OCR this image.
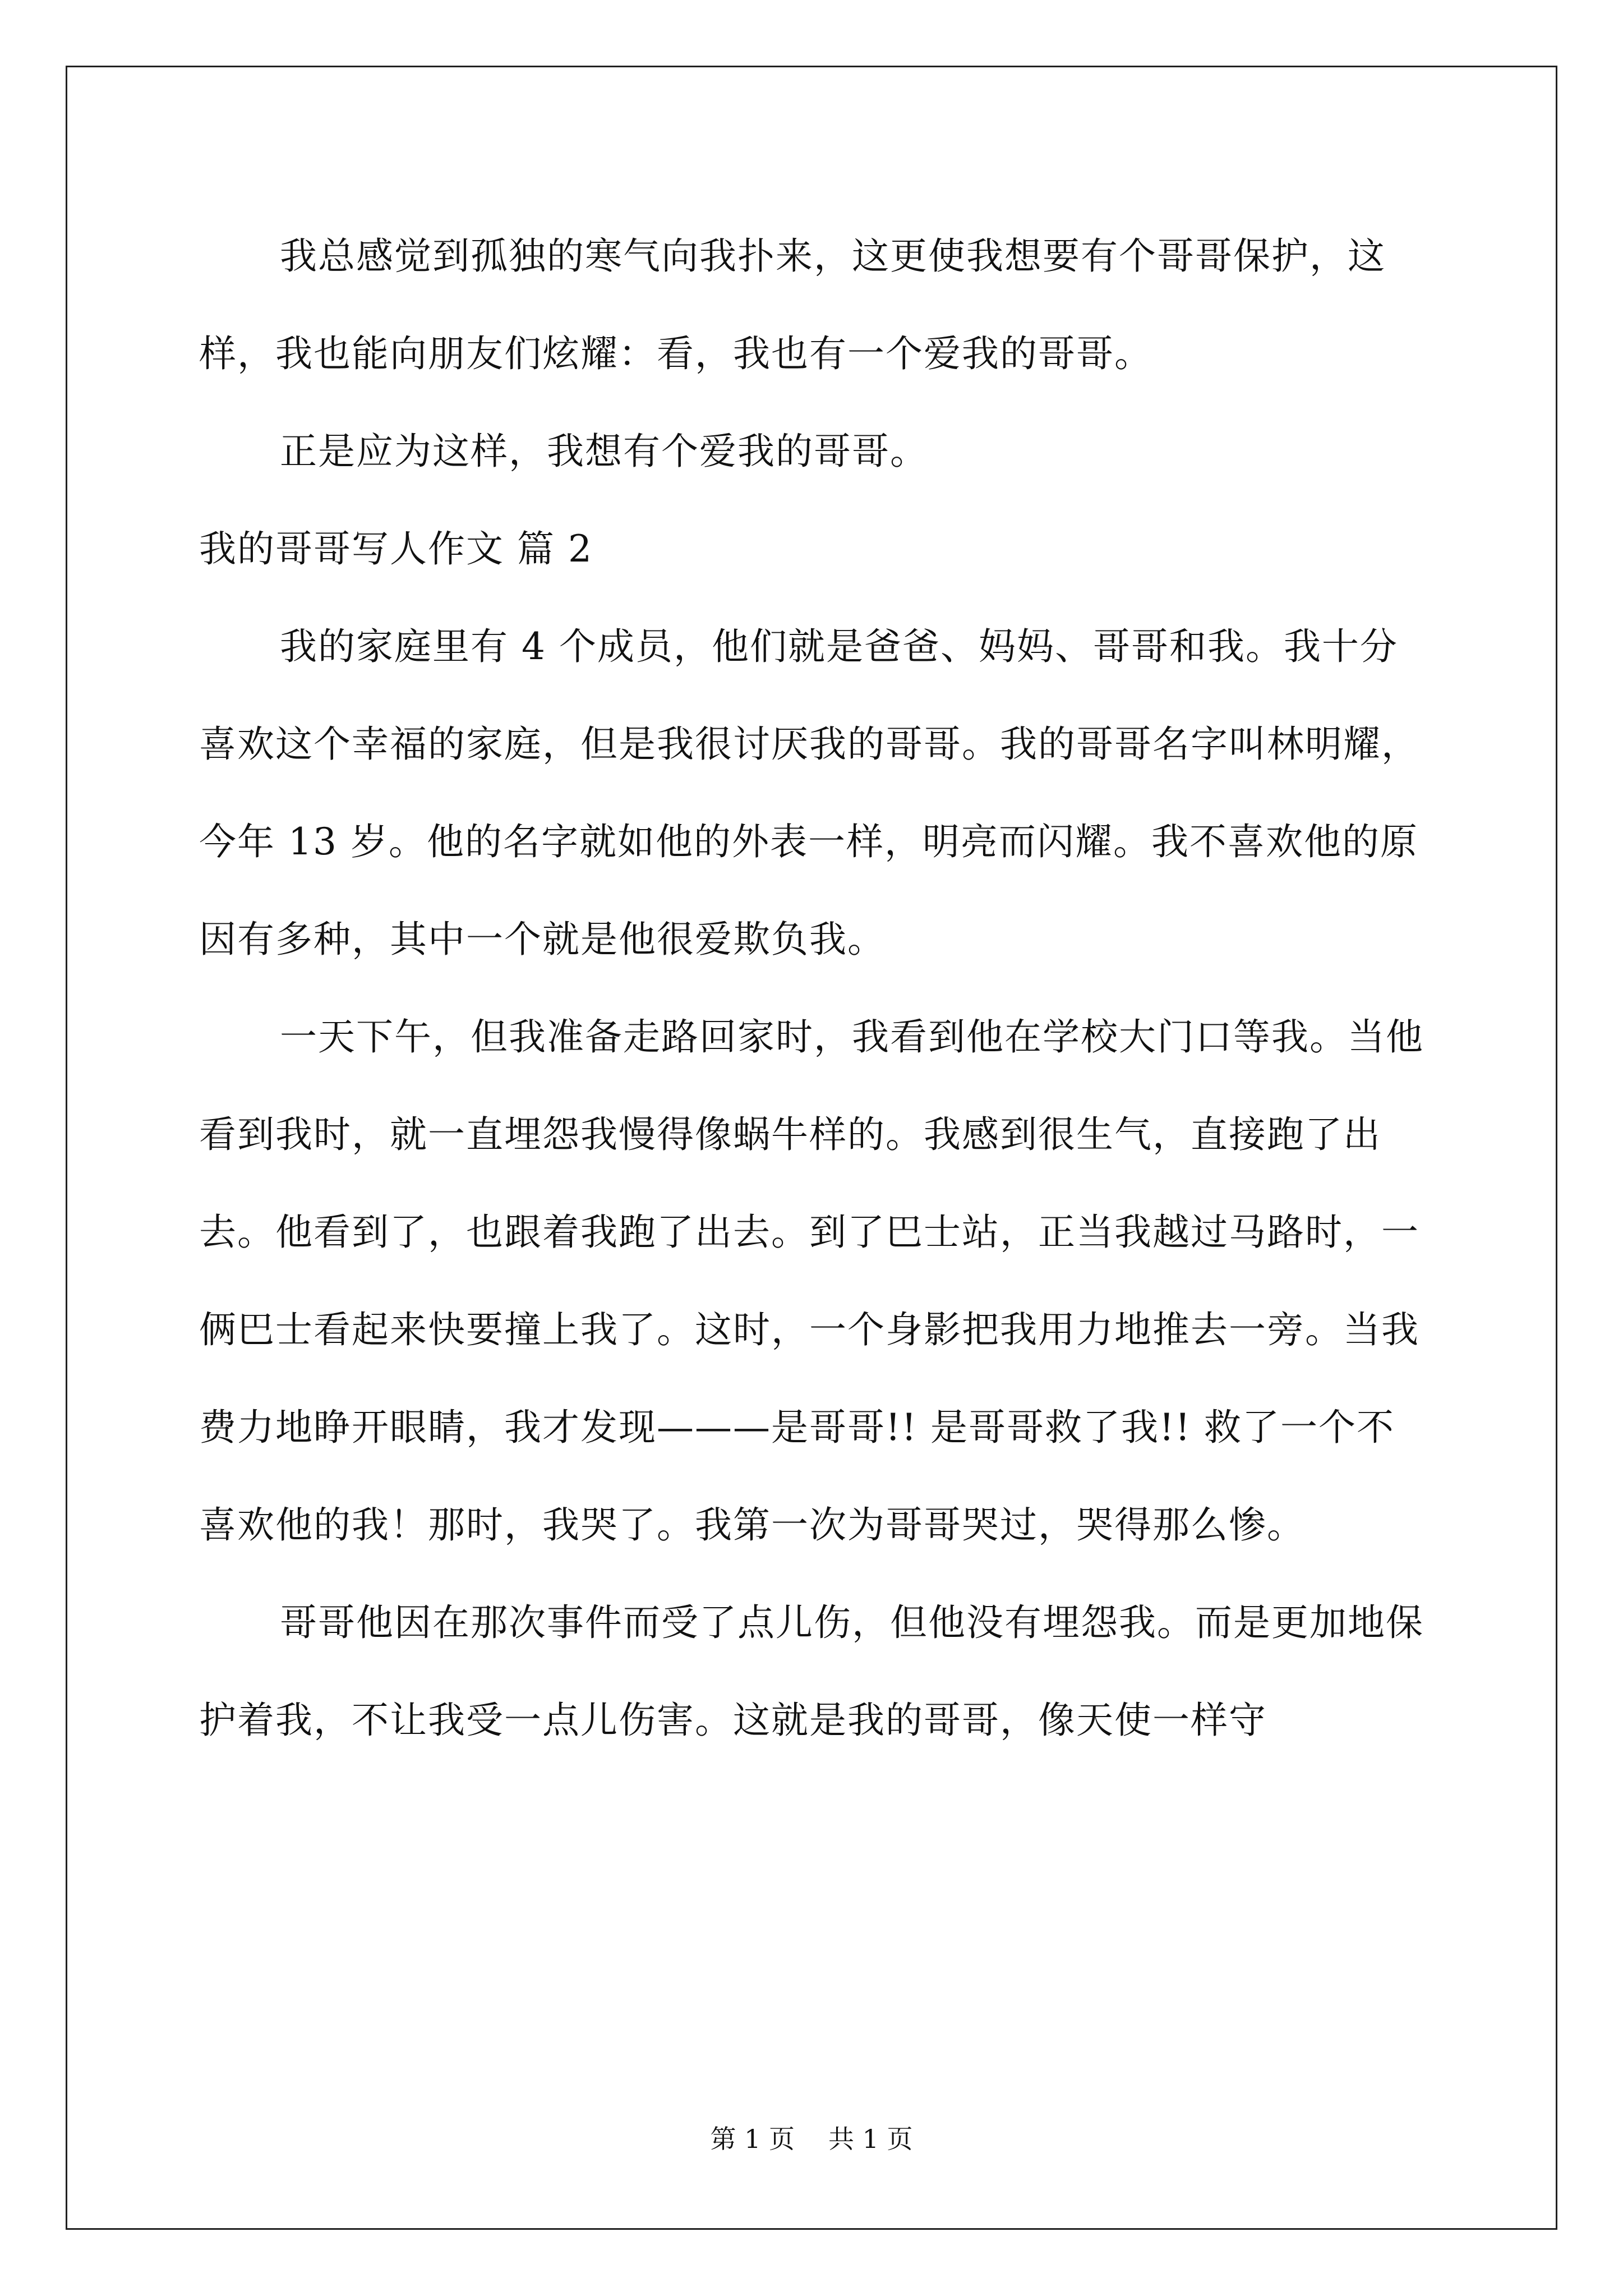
我总感觉到孤独的寒气向我扑来，这更使我想要有个哥哥保护，这样，我也能向朋友们炫耀：看，我也有一个爱我的哥哥。

正是应为这样，我想有个爱我的哥哥。

我的哥哥写人作文 篇 2

我的家庭里有 4 个成员，他们就是爸爸、妈妈、哥哥和我。我十分喜欢这个幸福的家庭，但是我很讨厌我的哥哥。我的哥哥名字叫林明耀，今年 13 岁。他的名字就如他的外表一样，明亮而闪耀。我不喜欢他的原因有多种，其中一个就是他很爱欺负我。

一天下午，但我准备走路回家时，我看到他在学校大门口等我。当他看到我时，就一直埋怨我慢得像蜗牛样的。我感到很生气，直接跑了出去。他看到了，也跟着我跑了出去。到了巴士站，正当我越过马路时，一俩巴士看起来快要撞上我了。这时，一个身影把我用力地推去一旁。当我费力地睁开眼睛，我才发现———是哥哥!! 是哥哥救了我!! 救了一个不喜欢他的我！那时，我哭了。我第一次为哥哥哭过，哭得那么惨。

哥哥他因在那次事件而受了点儿伤，但他没有埋怨我。而是更加地保护着我，不让我受一点儿伤害。这就是我的哥哥，像天使一样守

第 1 页 共 1 页
